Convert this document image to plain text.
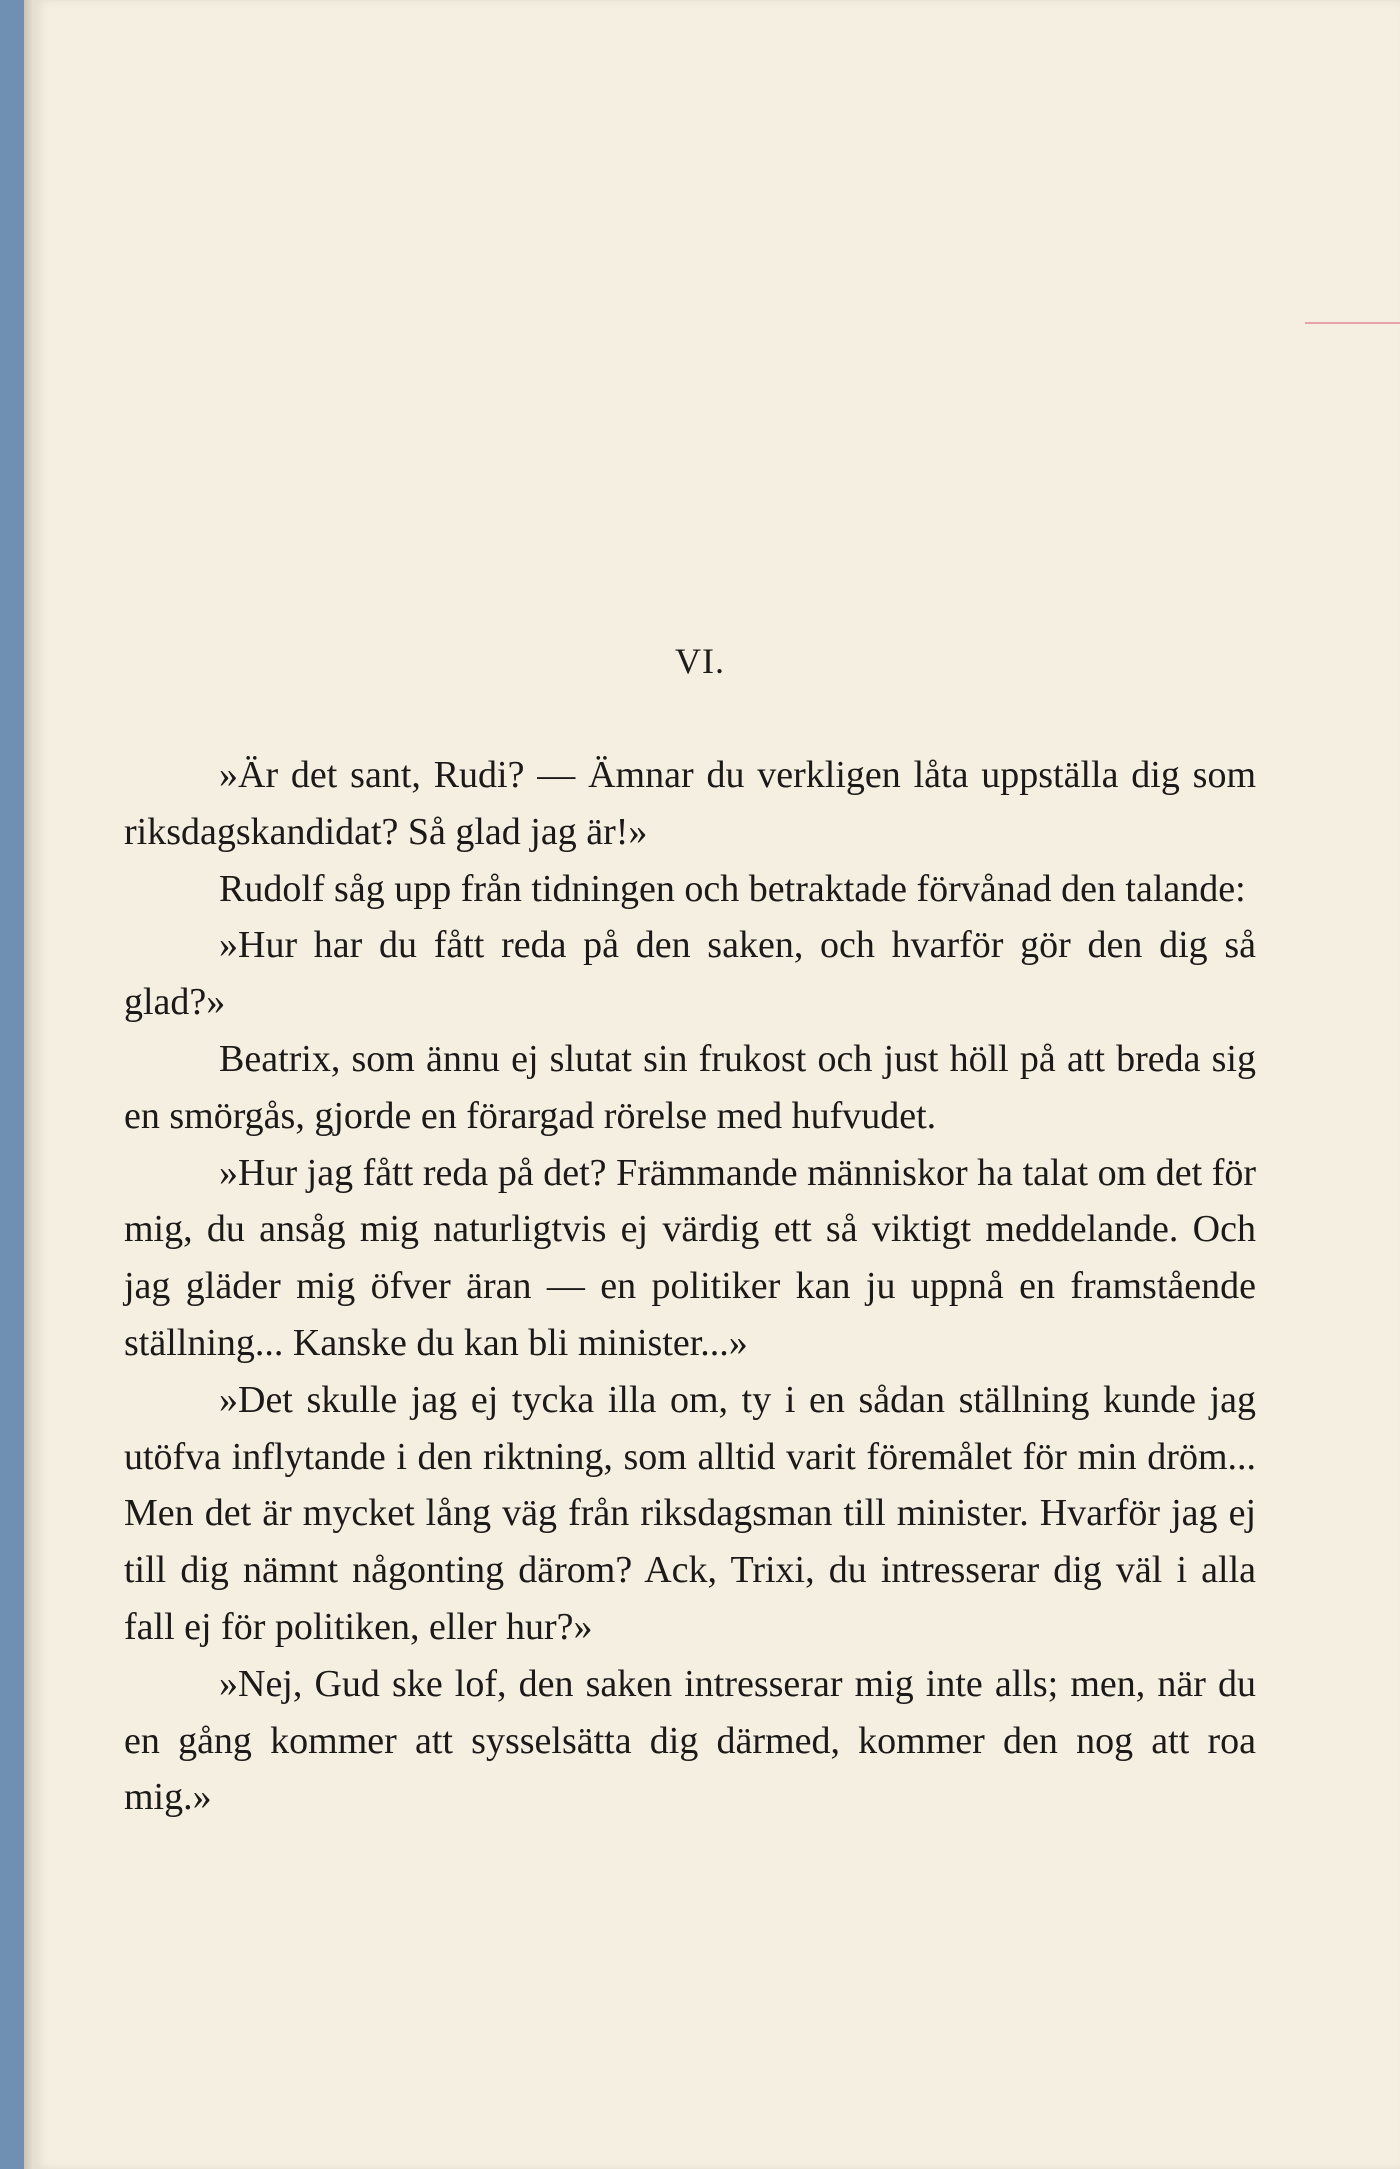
VI.

»Är det sant, Rudi? — Ämnar du verkligen låta uppställa dig som riksdagskandidat? Så glad jag är!»

Rudolf såg upp från tidningen och betraktade förvånad den talande:

»Hur har du fått reda på den saken, och hvarför gör den dig så glad?»

Beatrix, som ännu ej slutat sin frukost och just höll på att breda sig en smörgås, gjorde en förargad rörelse med hufvudet.

»Hur jag fått reda på det? Främmande människor ha talat om det för mig, du ansåg mig naturligtvis ej värdig ett så viktigt meddelande. Och jag gläder mig öfver äran — en politiker kan ju uppnå en framstående ställning... Kanske du kan bli minister...»

»Det skulle jag ej tycka illa om, ty i en sådan ställning kunde jag utöfva inflytande i den riktning, som alltid varit föremålet för min dröm... Men det är mycket lång väg från riksdagsman till minister. Hvarför jag ej till dig nämnt någonting därom? Ack, Trixi, du intresserar dig väl i alla fall ej för politiken, eller hur?»

»Nej, Gud ske lof, den saken intresserar mig inte alls; men, när du en gång kommer att sysselsätta dig därmed, kommer den nog att roa mig.»
